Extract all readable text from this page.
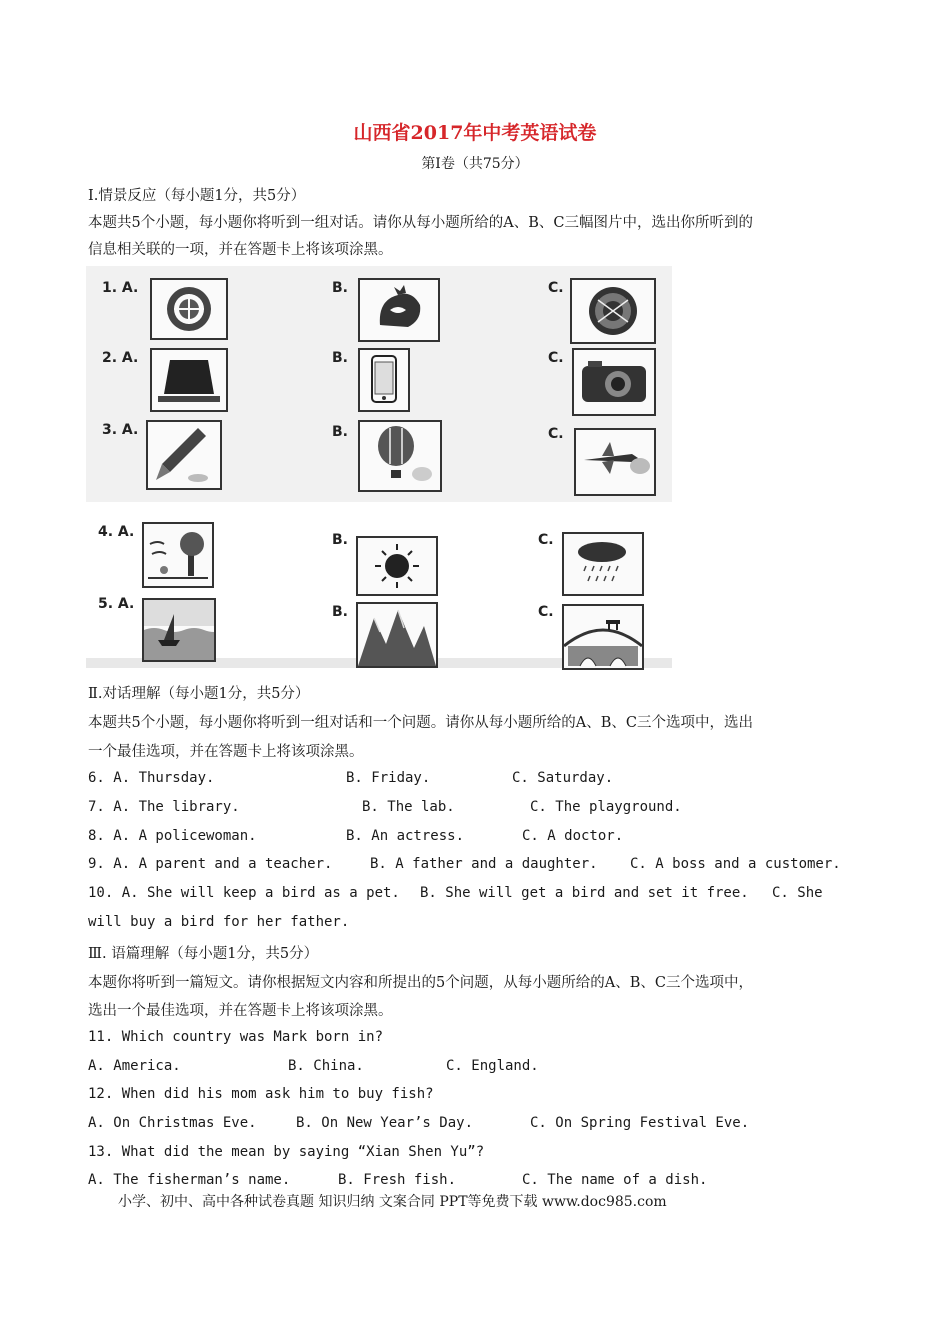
山西省2017年中考英语试卷
第Ⅰ卷（共75分）
Ⅰ.情景反应（每小题1分，共5分）
本题共5个小题，每小题你将听到一组对话。请你从每小题所给的A、B、C三幅图片中，选出你所听到的
信息相关联的一项，并在答题卡上将该项涂黑。
1. A.	B.	C.
2. A.	B.	C.
3. A.	B.	C.
4. A.	B.	C.
5. A.	B.	C.
Ⅱ.对话理解（每小题1分，共5分）
本题共5个小题，每小题你将听到一组对话和一个问题。请你从每小题所给的A、B、C三个选项中，选出
一个最佳选项，并在答题卡上将该项涂黑。
6. A. Thursday.	B. Friday.	C. Saturday.
7. A. The library.	B. The lab.	C. The playground.
8. A. A policewoman.	B. An actress.	C. A doctor.
9. A. A parent and a teacher.	B. A father and a daughter. C. A boss and a customer.
10. A. She will keep a bird as a pet. B. She will get a bird and set it free. C. She
will buy a bird for her father.
Ⅲ. 语篇理解（每小题1分，共5分）
本题你将听到一篇短文。请你根据短文内容和所提出的5个问题，从每小题所给的A、B、C三个选项中，
选出一个最佳选项，并在答题卡上将该项涂黑。
11. Which country was Mark born in?
A. America.	B. China.	C. England.
12. When did his mom ask him to buy fish?
A. On Christmas Eve.	B. On New Year’s Day.	C. On Spring Festival Eve.
13. What did the mean by saying “Xian Shen Yu”?
A. The fisherman’s name.	B. Fresh fish.	C. The name of a dish.
小学、初中、高中各种试卷真题 知识归纳 文案合同 PPT等免费下载 www.doc985.com
